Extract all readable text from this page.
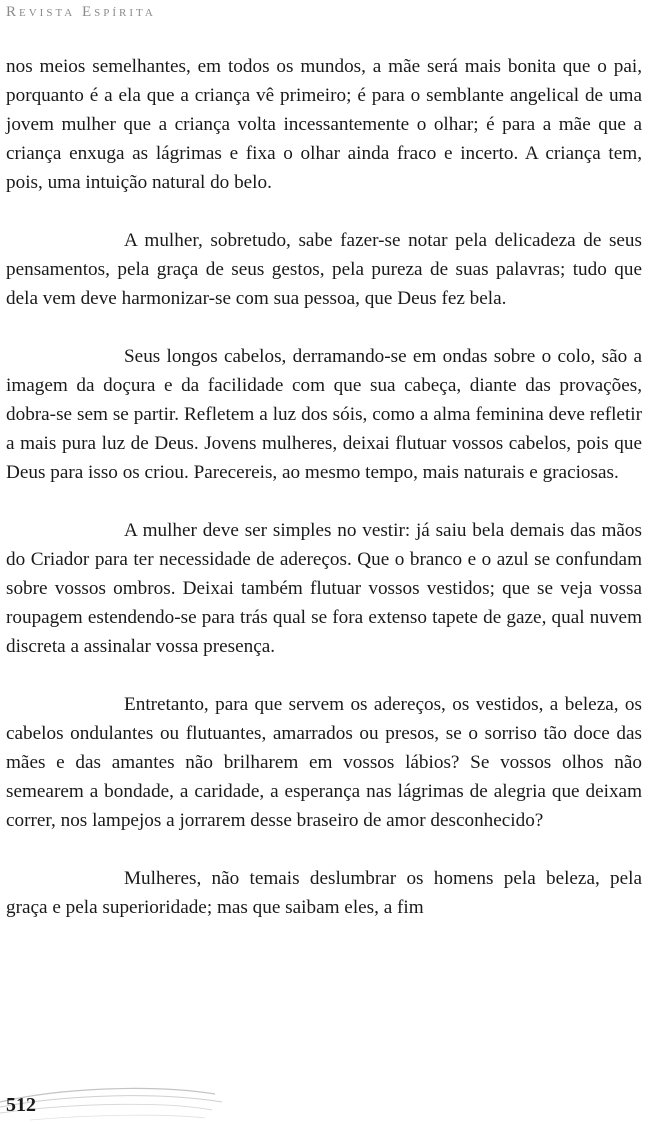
Revista Espírita

nos meios semelhantes, em todos os mundos, a mãe será mais bonita que o pai, porquanto é a ela que a criança vê primeiro; é para o semblante angelical de uma jovem mulher que a criança volta incessantemente o olhar; é para a mãe que a criança enxuga as lágrimas e fixa o olhar ainda fraco e incerto. A criança tem, pois, uma intuição natural do belo.

A mulher, sobretudo, sabe fazer-se notar pela delicadeza de seus pensamentos, pela graça de seus gestos, pela pureza de suas palavras; tudo que dela vem deve harmonizar-se com sua pessoa, que Deus fez bela.

Seus longos cabelos, derramando-se em ondas sobre o colo, são a imagem da doçura e da facilidade com que sua cabeça, diante das provações, dobra-se sem se partir. Refletem a luz dos sóis, como a alma feminina deve refletir a mais pura luz de Deus. Jovens mulheres, deixai flutuar vossos cabelos, pois que Deus para isso os criou. Parecereis, ao mesmo tempo, mais naturais e graciosas.

A mulher deve ser simples no vestir: já saiu bela demais das mãos do Criador para ter necessidade de adereços. Que o branco e o azul se confundam sobre vossos ombros. Deixai também flutuar vossos vestidos; que se veja vossa roupagem estendendo-se para trás qual se fora extenso tapete de gaze, qual nuvem discreta a assinalar vossa presença.

Entretanto, para que servem os adereços, os vestidos, a beleza, os cabelos ondulantes ou flutuantes, amarrados ou presos, se o sorriso tão doce das mães e das amantes não brilharem em vossos lábios? Se vossos olhos não semearem a bondade, a caridade, a esperança nas lágrimas de alegria que deixam correr, nos lampejos a jorrarem desse braseiro de amor desconhecido?

Mulheres, não temais deslumbrar os homens pela beleza, pela graça e pela superioridade; mas que saibam eles, a fim

512
